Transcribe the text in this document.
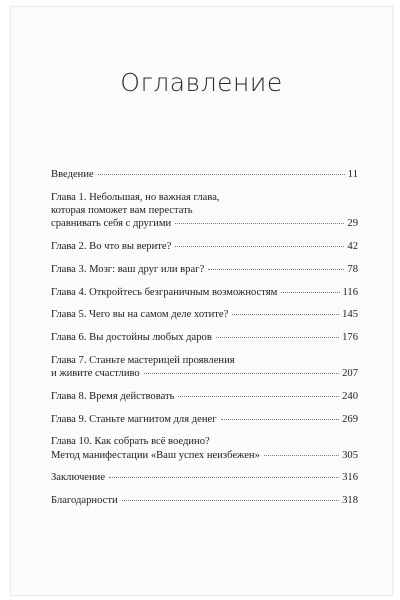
Оглавление
Введение	11
Глава 1. Небольшая, но важная глава,
которая поможет вам перестать
сравнивать себя с другими	29
Глава 2. Во что вы верите?	42
Глава 3. Мозг: ваш друг или враг?	78
Глава 4. Откройтесь безграничным возможностям	116
Глава 5. Чего вы на самом деле хотите?	145
Глава 6. Вы достойны любых даров	176
Глава 7. Станьте мастерицей проявления
и живите счастливо	207
Глава 8. Время действовать	240
Глава 9. Станьте магнитом для денег	269
Глава 10. Как собрать всё воедино?
Метод манифестации «Ваш успех неизбежен»	305
Заключение	316
Благодарности	318
